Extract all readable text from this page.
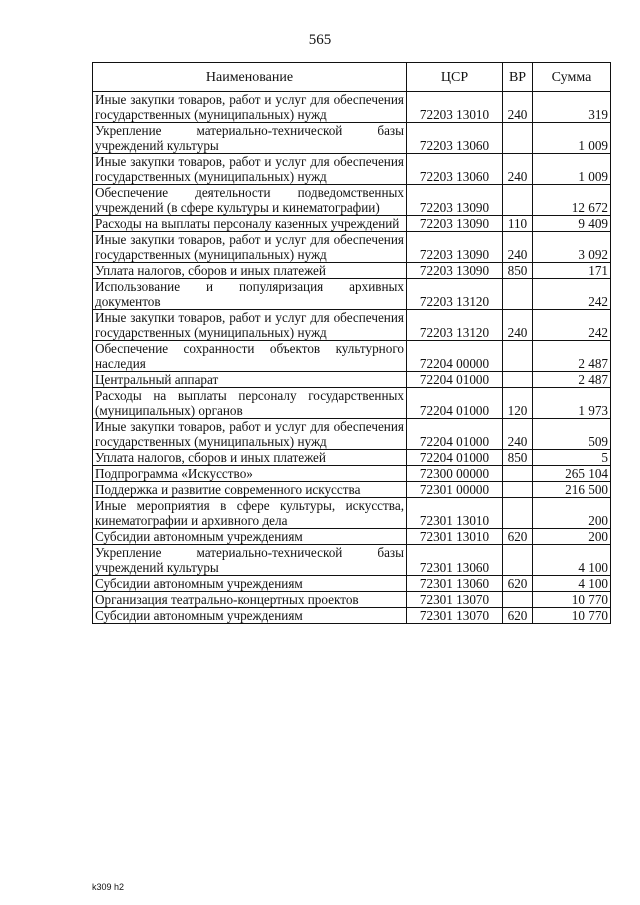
565
Наименование	ЦСР	ВР	Сумма
Иные закупки товаров, работ и услуг для обеспечения государственных (муниципальных) нужд	72203 13010	240	319
Укрепление материально-технической базы учреждений культуры	72203 13060		1 009
Иные закупки товаров, работ и услуг для обеспечения государственных (муниципальных) нужд	72203 13060	240	1 009
Обеспечение деятельности подведомственных учреждений (в сфере культуры и кинематографии)	72203 13090		12 672
Расходы на выплаты персоналу казенных учреждений	72203 13090	110	9 409
Иные закупки товаров, работ и услуг для обеспечения государственных (муниципальных) нужд	72203 13090	240	3 092
Уплата налогов, сборов и иных платежей	72203 13090	850	171
Использование и популяризация архивных документов	72203 13120		242
Иные закупки товаров, работ и услуг для обеспечения государственных (муниципальных) нужд	72203 13120	240	242
Обеспечение сохранности объектов культурного наследия	72204 00000		2 487
Центральный аппарат	72204 01000		2 487
Расходы на выплаты персоналу государственных (муниципальных) органов	72204 01000	120	1 973
Иные закупки товаров, работ и услуг для обеспечения государственных (муниципальных) нужд	72204 01000	240	509
Уплата налогов, сборов и иных платежей	72204 01000	850	5
Подпрограмма «Искусство»	72300 00000		265 104
Поддержка и развитие современного искусства	72301 00000		216 500
Иные мероприятия в сфере культуры, искусства, кинематографии и архивного дела	72301 13010		200
Субсидии автономным учреждениям	72301 13010	620	200
Укрепление материально-технической базы учреждений культуры	72301 13060		4 100
Субсидии автономным учреждениям	72301 13060	620	4 100
Организация театрально-концертных проектов	72301 13070		10 770
Субсидии автономным учреждениям	72301 13070	620	10 770
k309 h2
